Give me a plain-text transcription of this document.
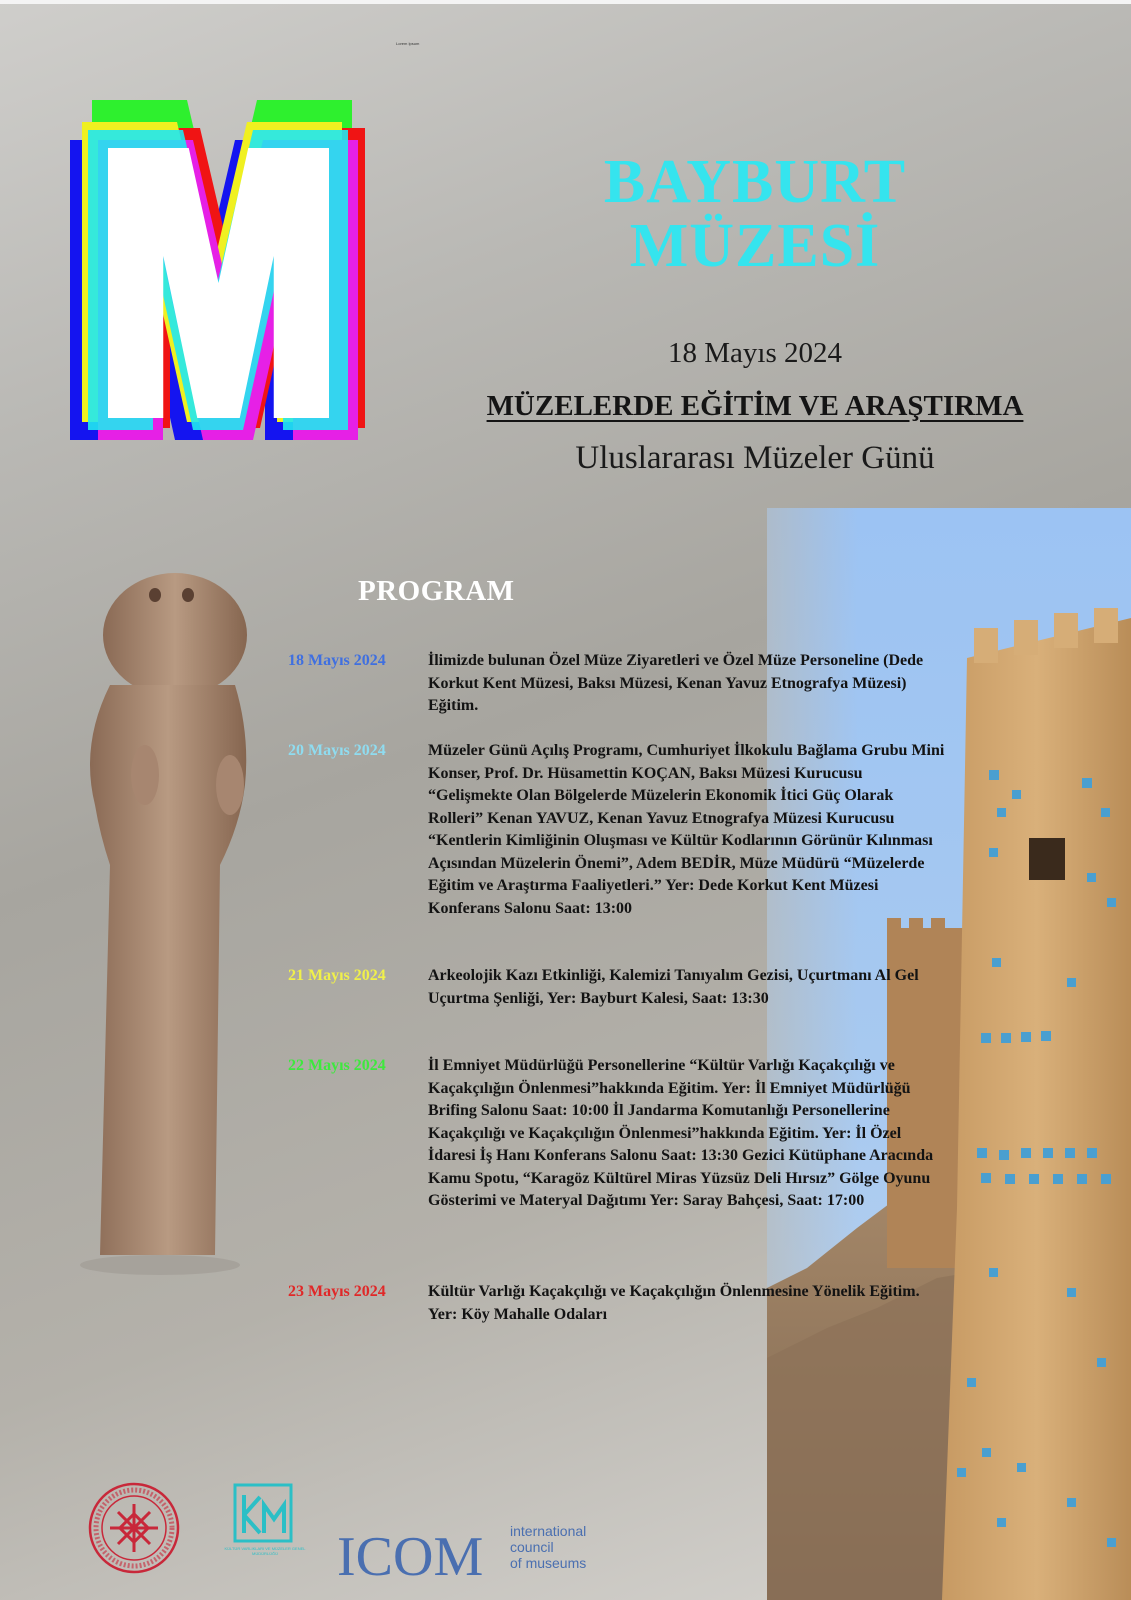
Lorem Ipsum
BAYBURT
MÜZESİ
18 Mayıs 2024
MÜZELERDE EĞİTİM VE ARAŞTIRMA
Uluslararası Müzeler Günü
PROGRAM
18 Mayıs 2024	İlimizde bulunan Özel Müze Ziyaretleri ve Özel Müze Personeline (Dede Korkut Kent Müzesi, Baksı Müzesi, Kenan Yavuz Etnografya Müzesi) Eğitim.
20 Mayıs 2024	Müzeler Günü Açılış Programı, Cumhuriyet İlkokulu Bağlama Grubu Mini Konser, Prof. Dr. Hüsamettin KOÇAN, Baksı Müzesi Kurucusu “Gelişmekte Olan Bölgelerde Müzelerin Ekonomik İtici Güç Olarak Rolleri” Kenan YAVUZ, Kenan Yavuz Etnografya Müzesi Kurucusu “Kentlerin Kimliğinin Oluşması ve Kültür Kodlarının Görünür Kılınması Açısından Müzelerin Önemi”, Adem BEDİR, Müze Müdürü “Müzelerde Eğitim ve Araştırma Faaliyetleri.” Yer: Dede Korkut Kent Müzesi Konferans Salonu Saat: 13:00
21 Mayıs 2024	Arkeolojik Kazı Etkinliği, Kalemizi Tanıyalım Gezisi, Uçurtmanı Al Gel Uçurtma Şenliği, Yer: Bayburt Kalesi, Saat: 13:30
22 Mayıs 2024	İl Emniyet Müdürlüğü Personellerine “Kültür Varlığı Kaçakçılığı ve Kaçakçılığın Önlenmesi”hakkında Eğitim. Yer: İl Emniyet Müdürlüğü Brifing Salonu Saat: 10:00 İl Jandarma Komutanlığı Personellerine Kaçakçılığı ve Kaçakçılığın Önlenmesi”hakkında Eğitim. Yer: İl Özel İdaresi İş Hanı Konferans Salonu Saat: 13:30 Gezici Kütüphane Aracında Kamu Spotu, “Karagöz Kültürel Miras Yüzsüz Deli Hırsız” Gölge Oyunu Gösterimi ve Materyal Dağıtımı Yer: Saray Bahçesi, Saat: 17:00
23 Mayıs 2024	Kültür Varlığı Kaçakçılığı ve Kaçakçılığın Önlenmesine Yönelik Eğitim. Yer: Köy Mahalle Odaları
KÜLTÜR VARLIKLARI VE MÜZELER GENEL MÜDÜRLÜĞÜ	ICOM international
council
of museums
